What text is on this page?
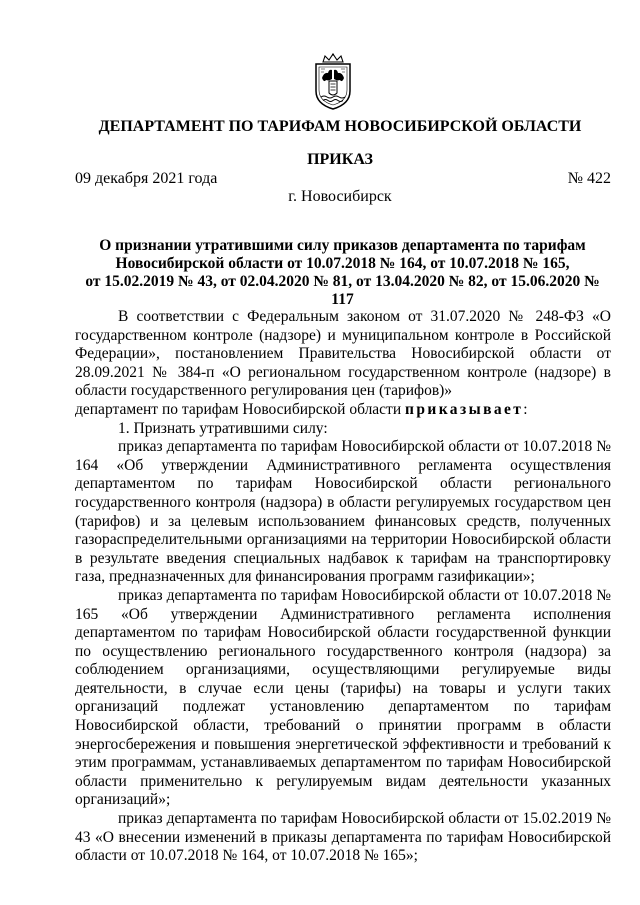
ДЕПАРТАМЕНТ ПО ТАРИФАМ НОВОСИБИРСКОЙ ОБЛАСТИ
ПРИКАЗ
09 декабря 2021 года	№ 422
г. Новосибирск
О признании утратившими силу приказов департамента по тарифам
Новосибирской области от 10.07.2018 № 164, от 10.07.2018 № 165,
от 15.02.2019 № 43, от 02.04.2020 № 81, от 13.04.2020 № 82, от 15.06.2020 № 117

В соответствии с Федеральным законом от 31.07.2020 № 248-ФЗ «О государственном контроле (надзоре) и муниципальном контроле в Российской Федерации», постановлением Правительства Новосибирской области от 28.09.2021 № 384-п «О региональном государственном контроле (надзоре) в области государственного регулирования цен (тарифов)»

департамент по тарифам Новосибирской области приказывает:

1. Признать утратившими силу:

приказ департамента по тарифам Новосибирской области от 10.07.2018 № 164 «Об утверждении Административного регламента осуществления департаментом по тарифам Новосибирской области регионального государственного контроля (надзора) в области регулируемых государством цен (тарифов) и за целевым использованием финансовых средств, полученных газораспределительными организациями на территории Новосибирской области в результате введения специальных надбавок к тарифам на транспортировку газа, предназначенных для финансирования программ газификации»;

приказ департамента по тарифам Новосибирской области от 10.07.2018 № 165 «Об утверждении Административного регламента исполнения департаментом по тарифам Новосибирской области государственной функции по осуществлению регионального государственного контроля (надзора) за соблюдением организациями, осуществляющими регулируемые виды деятельности, в случае если цены (тарифы) на товары и услуги таких организаций подлежат установлению департаментом по тарифам Новосибирской области, требований о принятии программ в области энергосбережения и повышения энергетической эффективности и требований к этим программам, устанавливаемых департаментом по тарифам Новосибирской области применительно к регулируемым видам деятельности указанных организаций»;

приказ департамента по тарифам Новосибирской области от 15.02.2019 № 43 «О внесении изменений в приказы департамента по тарифам Новосибирской области от 10.07.2018 № 164, от 10.07.2018 № 165»;
